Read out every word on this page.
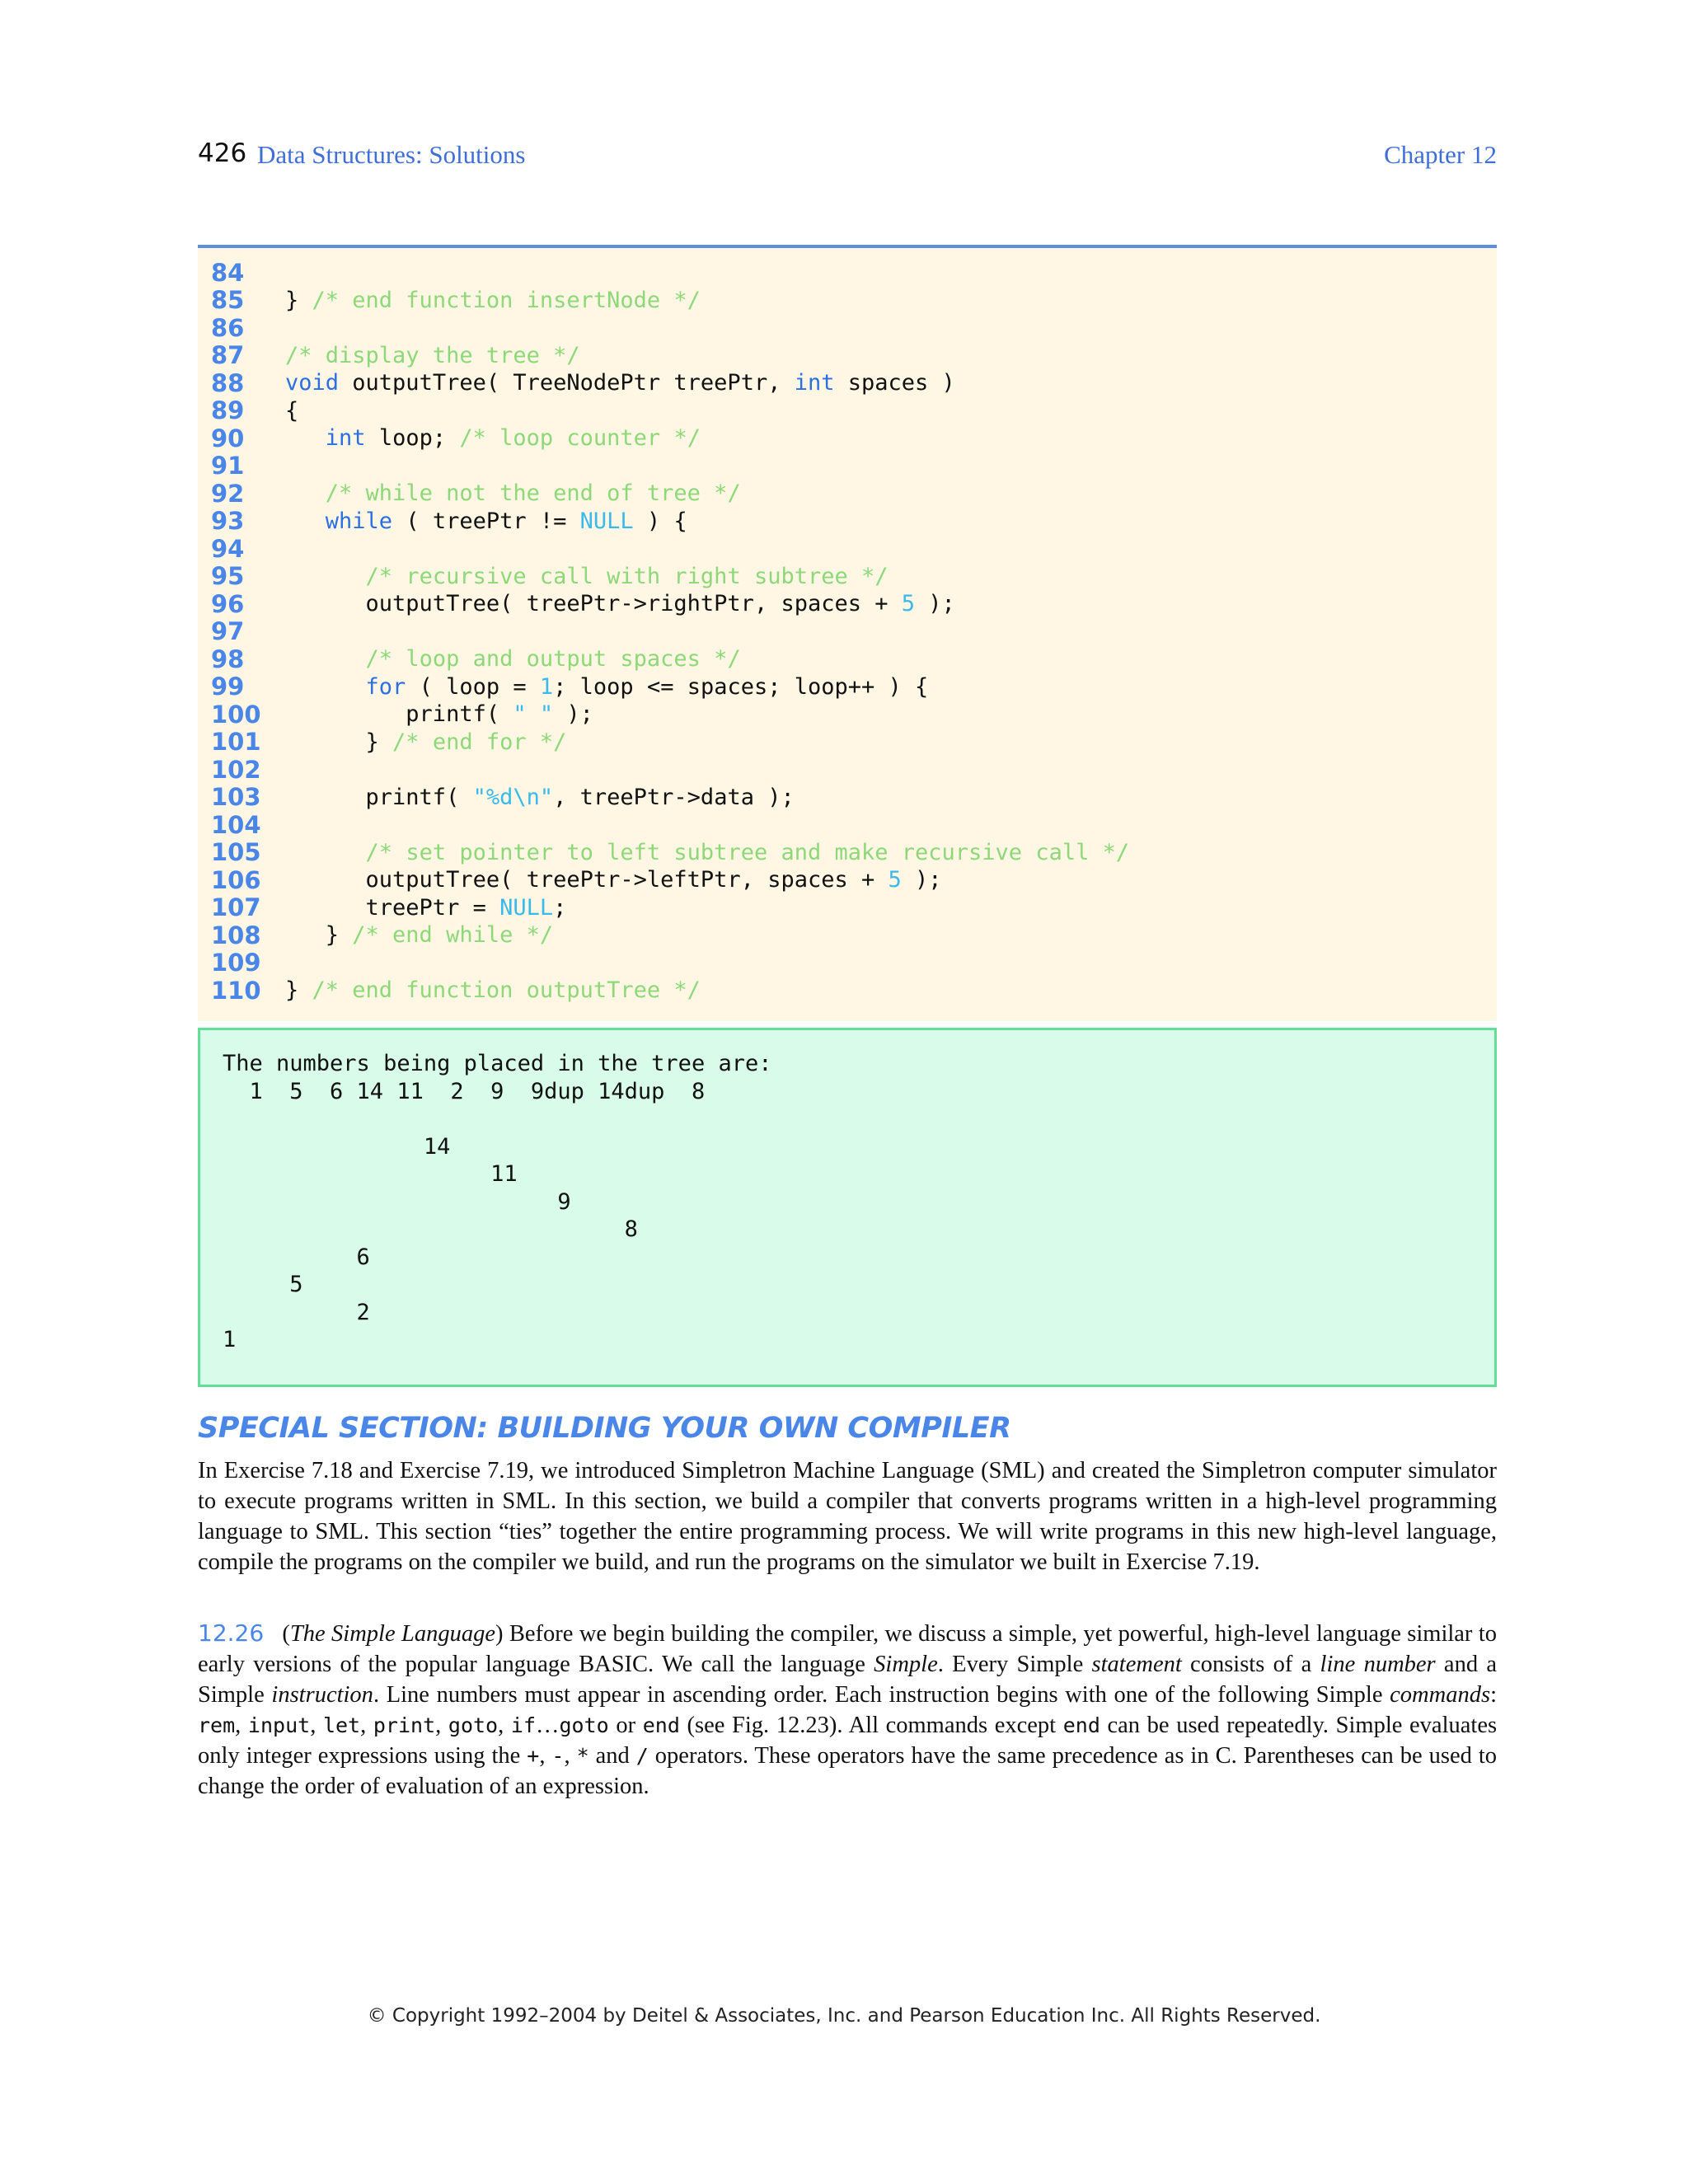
426 Data Structures: Solutions	Chapter 12
84
85	} /* end function insertNode */
86
87	/* display the tree */
88	void outputTree( TreeNodePtr treePtr, int spaces )
89	{
90	int loop; /* loop counter */
91
92	/* while not the end of tree */
93	while ( treePtr != NULL ) {
94
95	/* recursive call with right subtree */
96	outputTree( treePtr->rightPtr, spaces + 5 );
97
98	/* loop and output spaces */
99	for ( loop = 1; loop <= spaces; loop++ ) {
100	printf( " " );
101	} /* end for */
102
103	printf( "%d\n", treePtr->data );
104
105	/* set pointer to left subtree and make recursive call */
106	outputTree( treePtr->leftPtr, spaces + 5 );
107	treePtr = NULL;
108	} /* end while */
109
110	} /* end function outputTree */
The numbers being placed in the tree are:
1  5  6 14 11  2  9  9dup 14dup  8
14
11
9
8
6
5
2
1
SPECIAL SECTION: BUILDING YOUR OWN COMPILER
In Exercise 7.18 and Exercise 7.19, we introduced Simpletron Machine Language (SML) and created the Simpletron computer simulator to execute programs written in SML. In this section, we build a compiler that converts programs written in a high-level programming language to SML. This section “ties” together the entire programming process. We will write programs in this new high-level language, compile the programs on the compiler we build, and run the programs on the simulator we built in Exercise 7.19.
12.26   (The Simple Language) Before we begin building the compiler, we discuss a simple, yet powerful, high-level language similar to early versions of the popular language BASIC. We call the language Simple. Every Simple statement consists of a line number and a Simple instruction. Line numbers must appear in ascending order. Each instruction begins with one of the following Simple commands: rem, input, let, print, goto, if…goto or end (see Fig. 12.23). All commands except end can be used repeatedly. Simple evaluates only integer expressions using the +, -, * and / operators. These operators have the same precedence as in C. Parentheses can be used to change the order of evaluation of an expression.
© Copyright 1992–2004 by Deitel & Associates, Inc. and Pearson Education Inc. All Rights Reserved.
